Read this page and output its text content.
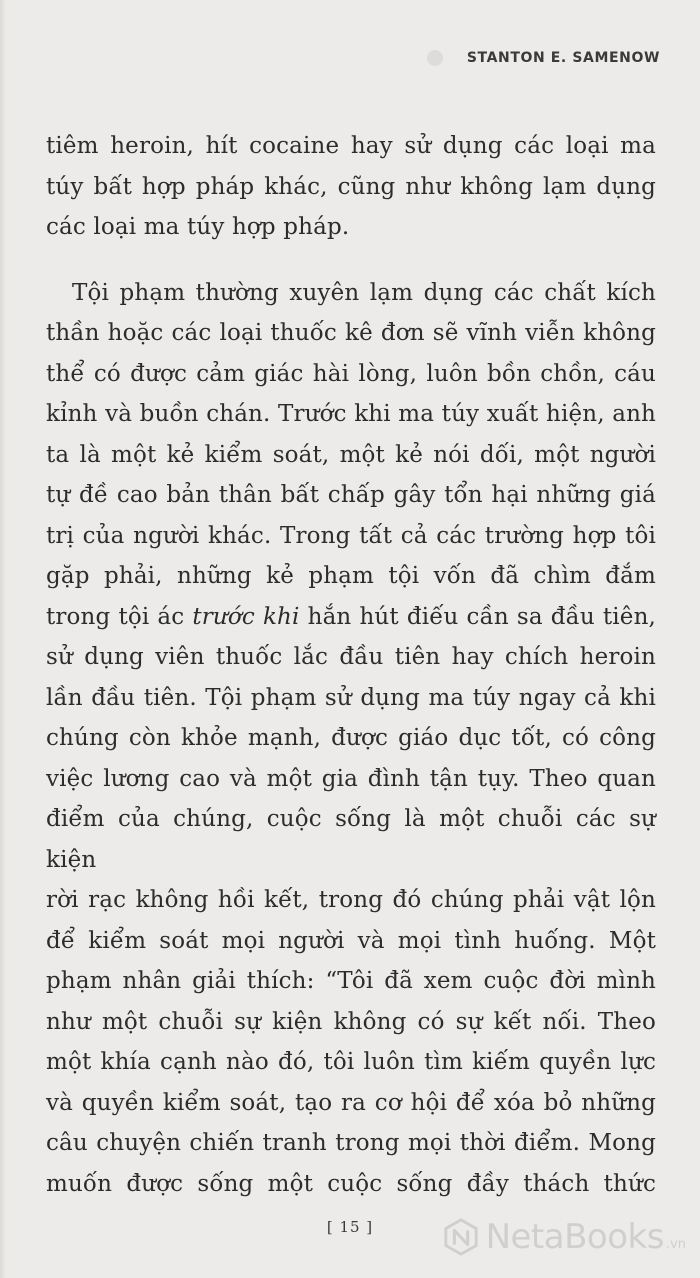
STANTON E. SAMENOW

tiêm heroin, hít cocaine hay sử dụng các loại ma
túy bất hợp pháp khác, cũng như không lạm dụng
các loại ma túy hợp pháp.

Tội phạm thường xuyên lạm dụng các chất kích
thần hoặc các loại thuốc kê đơn sẽ vĩnh viễn không
thể có được cảm giác hài lòng, luôn bồn chồn, cáu
kỉnh và buồn chán. Trước khi ma túy xuất hiện, anh
ta là một kẻ kiểm soát, một kẻ nói dối, một người
tự đề cao bản thân bất chấp gây tổn hại những giá
trị của người khác. Trong tất cả các trường hợp tôi
gặp phải, những kẻ phạm tội vốn đã chìm đắm
trong tội ác trước khi hắn hút điếu cần sa đầu tiên,
sử dụng viên thuốc lắc đầu tiên hay chích heroin
lần đầu tiên. Tội phạm sử dụng ma túy ngay cả khi
chúng còn khỏe mạnh, được giáo dục tốt, có công
việc lương cao và một gia đình tận tụy. Theo quan
điểm của chúng, cuộc sống là một chuỗi các sự kiện
rời rạc không hồi kết, trong đó chúng phải vật lộn
để kiểm soát mọi người và mọi tình huống. Một
phạm nhân giải thích: “Tôi đã xem cuộc đời mình
như một chuỗi sự kiện không có sự kết nối. Theo
một khía cạnh nào đó, tôi luôn tìm kiếm quyền lực
và quyền kiểm soát, tạo ra cơ hội để xóa bỏ những
câu chuyện chiến tranh trong mọi thời điểm. Mong
muốn được sống một cuộc sống đầy thách thức

[ 15 ]	NetaBooks .vn
